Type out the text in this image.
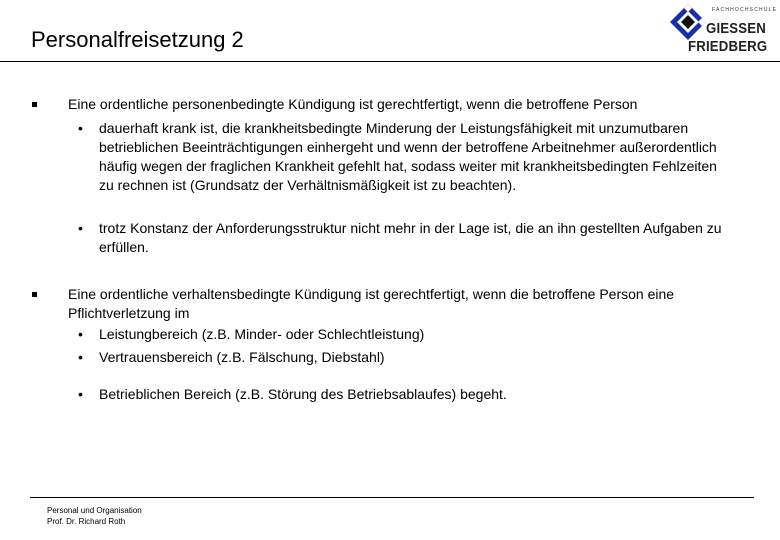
Personalfreisetzung 2
FACHHOCHSCHULE
GIESSEN
FRIEDBERG
Eine ordentliche personenbedingte Kündigung ist gerechtfertigt, wenn die betroffene Person
• dauerhaft krank ist, die krankheitsbedingte Minderung der Leistungsfähigkeit mit unzumutbaren betrieblichen Beeinträchtigungen einhergeht und wenn der betroffene Arbeitnehmer außerordentlich häufig wegen der fraglichen Krankheit gefehlt hat, sodass weiter mit krankheitsbedingten Fehlzeiten zu rechnen ist (Grundsatz der Verhältnismäßigkeit ist zu beachten).
• trotz Konstanz der Anforderungsstruktur nicht mehr in der Lage ist, die an ihn gestellten Aufgaben zu erfüllen.
Eine ordentliche verhaltensbedingte Kündigung ist gerechtfertigt, wenn die betroffene Person eine Pflichtverletzung im
• Leistungbereich (z.B. Minder- oder Schlechtleistung)
• Vertrauensbereich (z.B. Fälschung, Diebstahl)
• Betrieblichen Bereich (z.B. Störung des Betriebsablaufes) begeht.
Personal und Organisation
Prof. Dr. Richard Roth
